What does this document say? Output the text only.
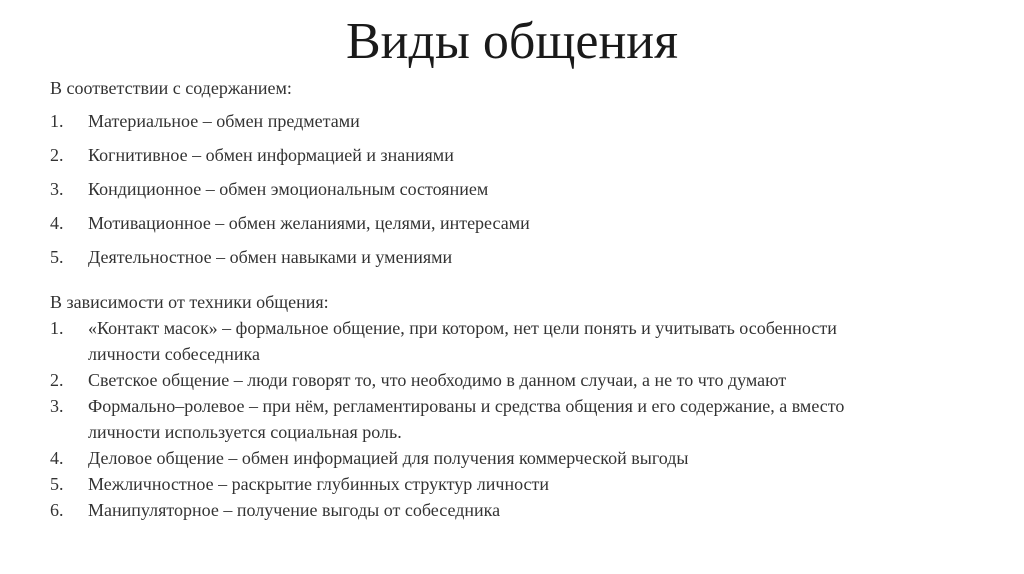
Виды общения
В соответствии с содержанием:
1. Материальное – обмен предметами
2. Когнитивное – обмен информацией и знаниями
3. Кондиционное – обмен эмоциональным состоянием
4. Мотивационное – обмен желаниями, целями, интересами
5. Деятельностное – обмен навыками и умениями
В зависимости от техники общения:
1. «Контакт масок» – формальное общение, при котором, нет цели понять и учитывать особенности личности собеседника
2. Светское общение – люди говорят то, что необходимо в данном случаи, а не то что думают
3. Формально–ролевое – при нём, регламентированы и средства общения и его содержание, а вместо личности используется социальная роль.
4. Деловое общение – обмен информацией для получения коммерческой выгоды
5. Межличностное – раскрытие глубинных структур личности
6. Манипуляторное – получение выгоды от собеседника
